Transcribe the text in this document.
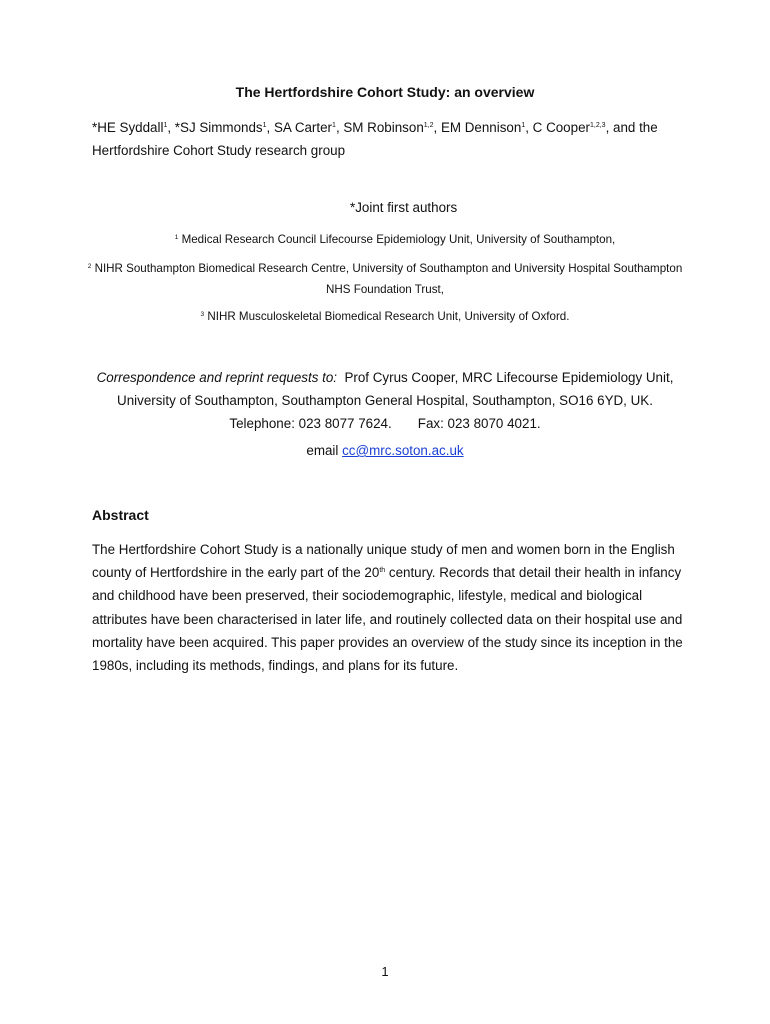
The Hertfordshire Cohort Study: an overview
*HE Syddall$^1$, *SJ Simmonds$^1$, SA Carter$^1$, SM Robinson$^{1,2}$, EM Dennison$^1$, C Cooper$^{1,2,3}$, and the Hertfordshire Cohort Study research group
*Joint first authors
$^1$ Medical Research Council Lifecourse Epidemiology Unit, University of Southampton,
$^2$ NIHR Southampton Biomedical Research Centre, University of Southampton and University Hospital Southampton NHS Foundation Trust,
$^3$ NIHR Musculoskeletal Biomedical Research Unit, University of Oxford.
Correspondence and reprint requests to: Prof Cyrus Cooper, MRC Lifecourse Epidemiology Unit, University of Southampton, Southampton General Hospital, Southampton, SO16 6YD, UK. Telephone: 023 8077 7624. Fax: 023 8070 4021.
email cc@mrc.soton.ac.uk
Abstract
The Hertfordshire Cohort Study is a nationally unique study of men and women born in the English county of Hertfordshire in the early part of the 20th century. Records that detail their health in infancy and childhood have been preserved, their sociodemographic, lifestyle, medical and biological attributes have been characterised in later life, and routinely collected data on their hospital use and mortality have been acquired. This paper provides an overview of the study since its inception in the 1980s, including its methods, findings, and plans for its future.
1
